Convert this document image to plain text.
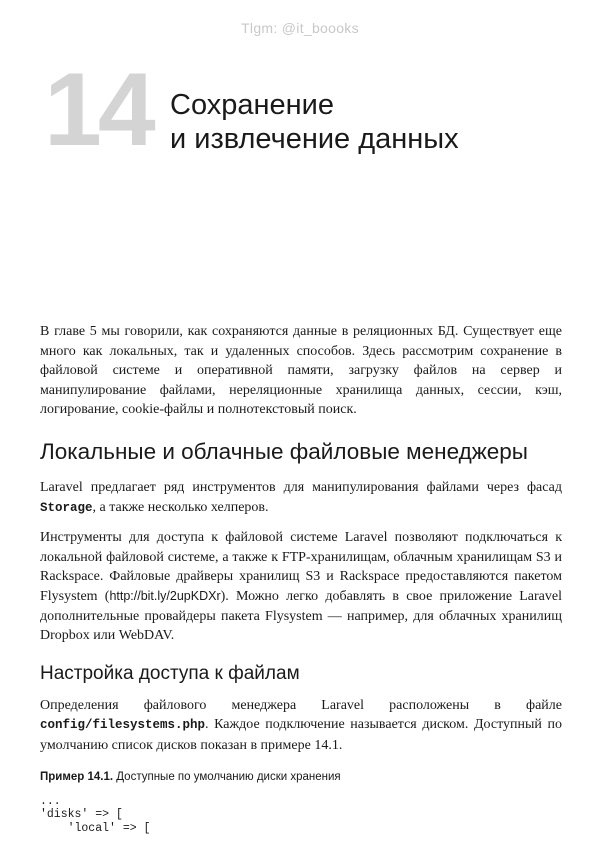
Tlgm: @it_boooks
14 Сохранение
и извлечение данных

В главе 5 мы говорили, как сохраняются данные в реляционных БД. Существует еще много как локальных, так и удаленных способов. Здесь рассмотрим сохранение в файловой системе и оперативной памяти, загрузку файлов на сервер и манипулирование файлами, нереляционные хранилища данных, сессии, кэш, логирование, cookie-файлы и полнотекстовый поиск.

Локальные и облачные файловые менеджеры

Laravel предлагает ряд инструментов для манипулирования файлами через фасад Storage, а также несколько хелперов.

Инструменты для доступа к файловой системе Laravel позволяют подключаться к локальной файловой системе, а также к FTP-хранилищам, облачным хранилищам S3 и Rackspace. Файловые драйверы хранилищ S3 и Rackspace предоставляются пакетом Flysystem (http://bit.ly/2upKDXr). Можно легко добавлять в свое приложение Laravel дополнительные провайдеры пакета Flysystem — например, для облачных хранилищ Dropbox или WebDAV.

Настройка доступа к файлам

Определения файлового менеджера Laravel расположены в файле config/filesystems.php. Каждое подключение называется диском. Доступный по умолчанию список дисков показан в примере 14.1.

Пример 14.1. Доступные по умолчанию диски хранения
...
'disks' => [
'local' => [
